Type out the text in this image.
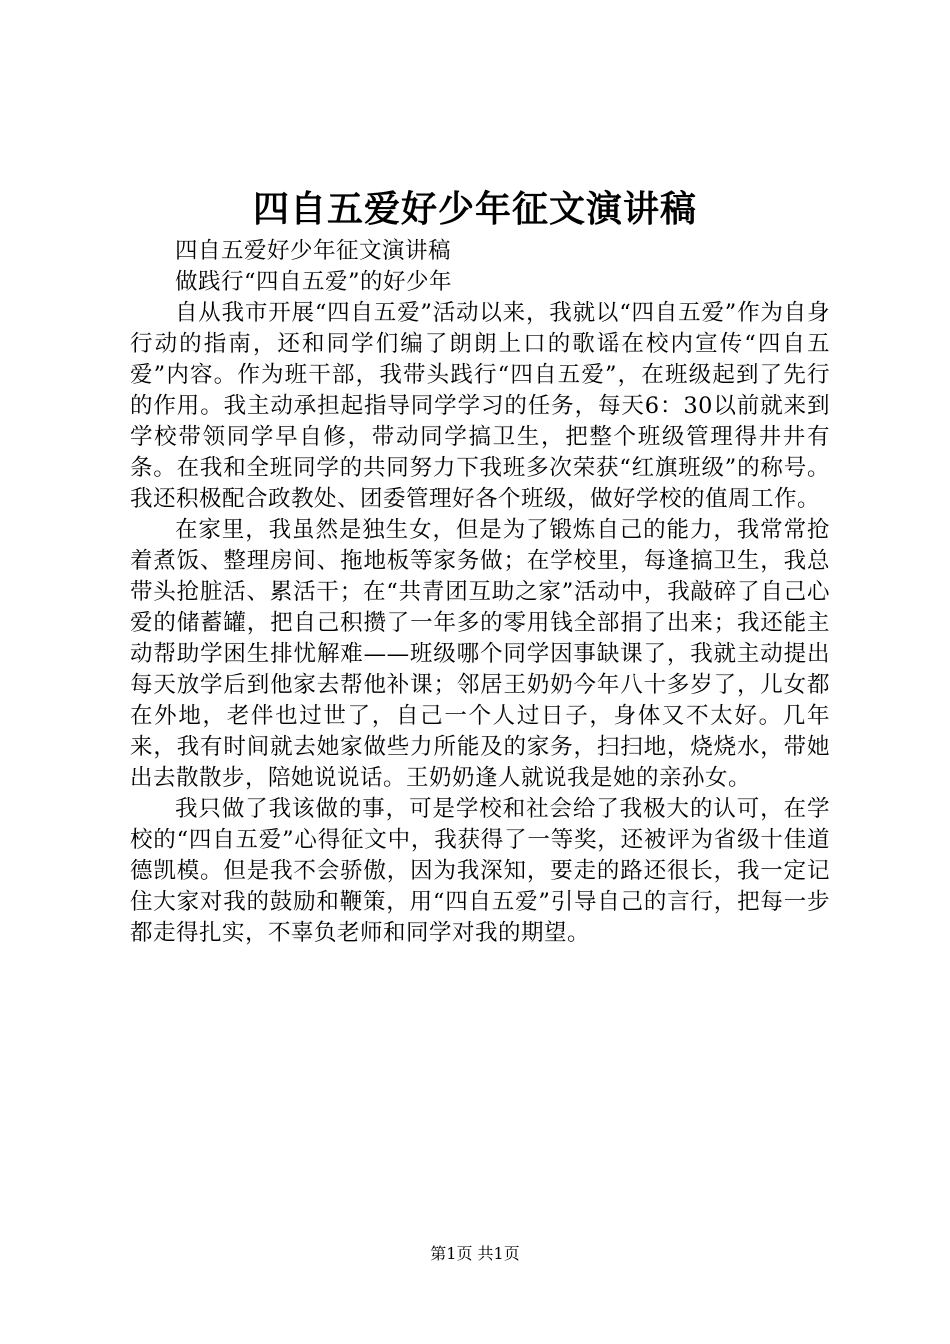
四自五爱好少年征文演讲稿

四自五爱好少年征文演讲稿

做践行“四自五爱”的好少年

自从我市开展“四自五爱”活动以来，我就以“四自五爱”作为自身行动的指南，还和同学们编了朗朗上口的歌谣在校内宣传“四自五爱”内容。作为班干部，我带头践行“四自五爱”，在班级起到了先行的作用。我主动承担起指导同学学习的任务，每天6：30以前就来到学校带领同学早自修，带动同学搞卫生，把整个班级管理得井井有条。在我和全班同学的共同努力下我班多次荣获“红旗班级”的称号。我还积极配合政教处、团委管理好各个班级，做好学校的值周工作。

在家里，我虽然是独生女，但是为了锻炼自己的能力，我常常抢着煮饭、整理房间、拖地板等家务做；在学校里，每逢搞卫生，我总带头抢脏活、累活干；在“共青团互助之家”活动中，我敲碎了自己心爱的储蓄罐，把自己积攒了一年多的零用钱全部捐了出来；我还能主动帮助学困生排忧解难——班级哪个同学因事缺课了，我就主动提出每天放学后到他家去帮他补课；邻居王奶奶今年八十多岁了，儿女都在外地，老伴也过世了，自己一个人过日子，身体又不太好。几年来，我有时间就去她家做些力所能及的家务，扫扫地，烧烧水，带她出去散散步，陪她说说话。王奶奶逢人就说我是她的亲孙女。

我只做了我该做的事，可是学校和社会给了我极大的认可，在学校的“四自五爱”心得征文中，我获得了一等奖，还被评为省级十佳道德凯模。但是我不会骄傲，因为我深知，要走的路还很长，我一定记住大家对我的鼓励和鞭策，用“四自五爱”引导自己的言行，把每一步都走得扎实，不辜负老师和同学对我的期望。

第1页 共1页
